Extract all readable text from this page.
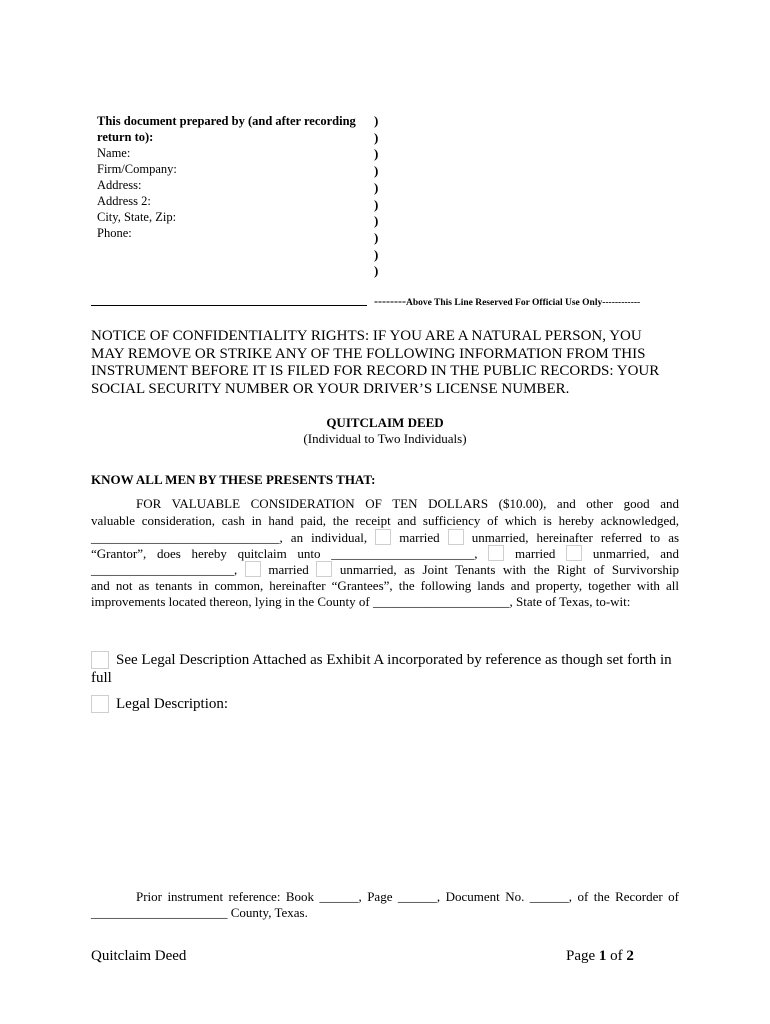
This document prepared by (and after recording
return to):
Name:
Firm/Company:
Address:
Address 2:
City, State, Zip:
Phone:
)
)
)
)
)
)
)
)
)
)
--------Above This Line Reserved For Official Use Only------------
NOTICE OF CONFIDENTIALITY RIGHTS: IF YOU ARE A NATURAL PERSON, YOU
MAY REMOVE OR STRIKE ANY OF THE FOLLOWING INFORMATION FROM THIS
INSTRUMENT BEFORE IT IS FILED FOR RECORD IN THE PUBLIC RECORDS: YOUR
SOCIAL SECURITY NUMBER OR YOUR DRIVER’S LICENSE NUMBER.
QUITCLAIM DEED
(Individual to Two Individuals)
KNOW ALL MEN BY THESE PRESENTS THAT:
FOR VALUABLE CONSIDERATION OF TEN DOLLARS ($10.00), and other good and
valuable consideration, cash in hand paid, the receipt and sufficiency of which is hereby acknowledged,
_____________________________, an individual, married unmarried, hereinafter referred to as
“Grantor”, does hereby quitclaim unto ______________________,  married	unmarried, and
______________________,  married unmarried, as Joint Tenants with the Right of Survivorship
and not as tenants in common, hereinafter “Grantees”, the following lands and property, together with all
improvements located thereon, lying in the County of _____________________, State of Texas, to-wit:
See Legal Description Attached as Exhibit A incorporated by reference as though set forth in
full
Legal Description:
Prior instrument reference: Book ______, Page ______, Document No. ______, of the Recorder of
_____________________ County, Texas.
Quitclaim Deed	Page 1 of 2
